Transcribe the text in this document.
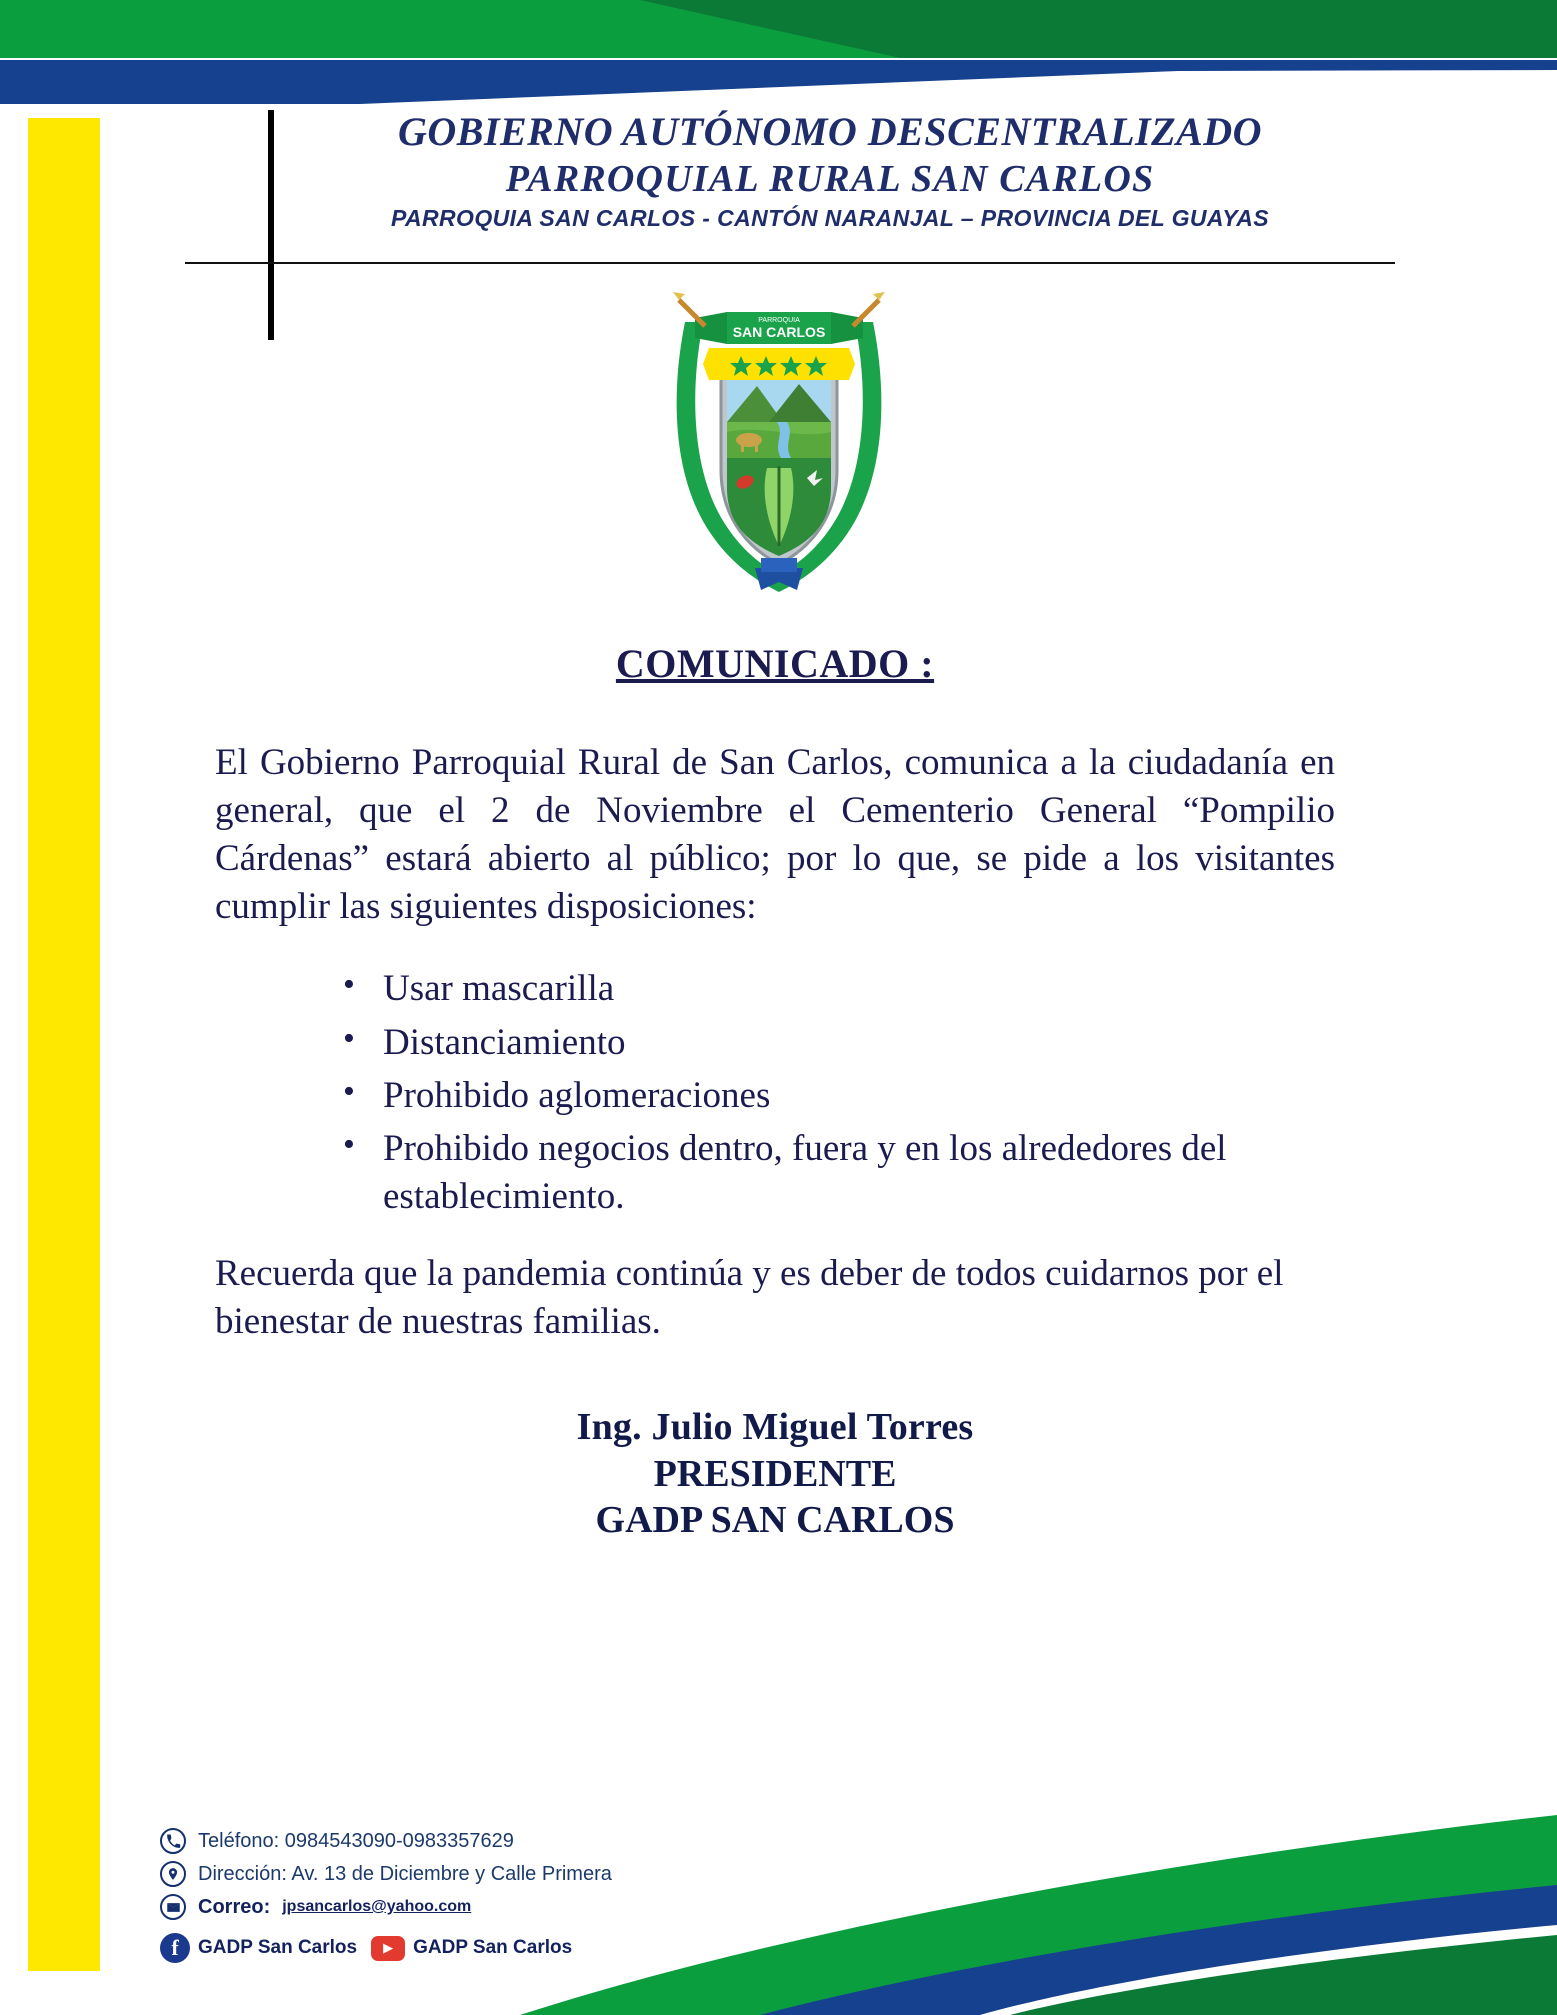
GOBIERNO AUTÓNOMO DESCENTRALIZADO
PARROQUIAL RURAL SAN CARLOS
PARROQUIA SAN CARLOS - CANTÓN NARANJAL – PROVINCIA DEL GUAYAS
PARROQUIA
SAN CARLOS
COMUNICADO :

El Gobierno Parroquial Rural de San Carlos, comunica a la ciudadanía en general, que el 2 de Noviembre el Cementerio General “Pompilio Cárdenas” estará abierto al público; por lo que, se pide a los visitantes cumplir las siguientes disposiciones:

• Usar mascarilla
• Distanciamiento
• Prohibido aglomeraciones
• Prohibido negocios dentro, fuera y en los alrededores del establecimiento.

Recuerda que la pandemia continúa y es deber de todos cuidarnos por el bienestar de nuestras familias.

Ing. Julio Miguel Torres
PRESIDENTE
GADP SAN CARLOS
Teléfono: 0984543090-0983357629
Dirección: Av. 13 de Diciembre y Calle Primera
Correo: jpsancarlos@yahoo.com
f	GADP San Carlos	▶	GADP San Carlos
